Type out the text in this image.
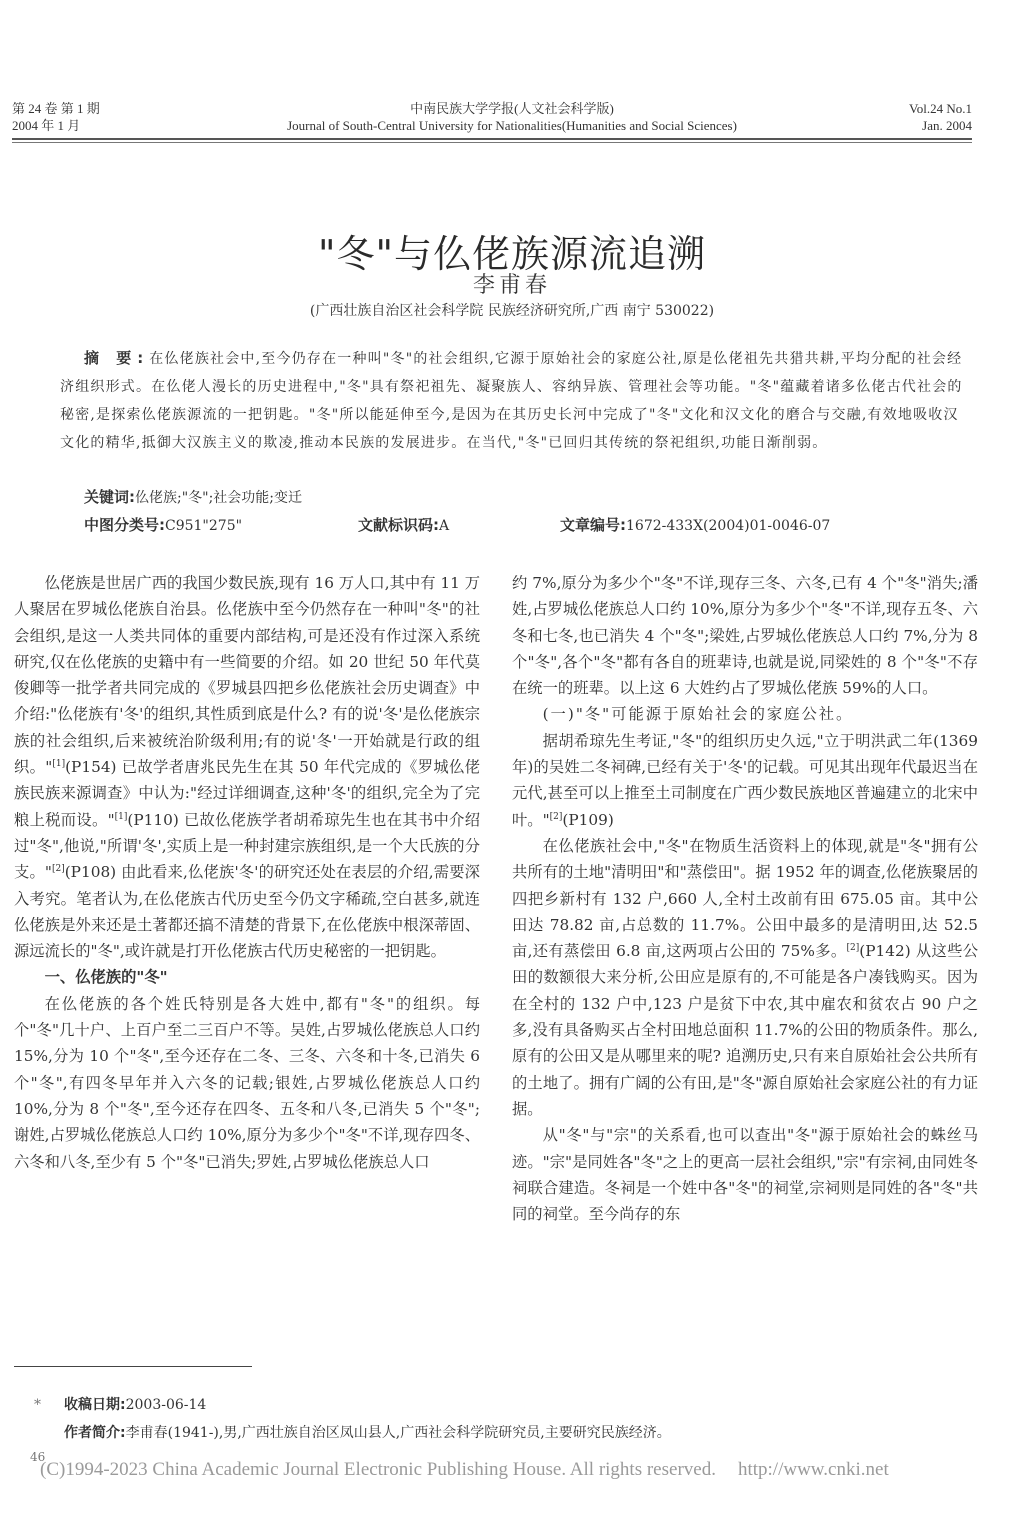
第 24 卷 第 1 期
2004 年 1 月
中南民族大学学报(人文社会科学版)
Journal of South-Central University for Nationalities(Humanities and Social Sciences)
Vol.24 No.1
Jan. 2004
"冬"与仫佬族源流追溯
李甫春
(广西壮族自治区社会科学院 民族经济研究所,广西 南宁 530022)
摘 要:在仫佬族社会中,至今仍存在一种叫"冬"的社会组织,它源于原始社会的家庭公社,原是仫佬祖先共猎共耕,平均分配的社会经济组织形式。在仫佬人漫长的历史进程中,"冬"具有祭祀祖先、凝聚族人、容纳异族、管理社会等功能。"冬"蕴藏着诸多仫佬古代社会的秘密,是探索仫佬族源流的一把钥匙。"冬"所以能延伸至今,是因为在其历史长河中完成了"冬"文化和汉文化的磨合与交融,有效地吸收汉文化的精华,抵御大汉族主义的欺凌,推动本民族的发展进步。在当代,"冬"已回归其传统的祭祀组织,功能日渐削弱。
关键词:仫佬族;"冬";社会功能;变迁
中图分类号:C951"275"	文献标识码:A	文章编号:1672-433X(2004)01-0046-07

仫佬族是世居广西的我国少数民族,现有 16 万人口,其中有 11 万人聚居在罗城仫佬族自治县。仫佬族中至今仍然存在一种叫"冬"的社会组织,是这一人类共同体的重要内部结构,可是还没有作过深入系统研究,仅在仫佬族的史籍中有一些简要的介绍。如 20 世纪 50 年代莫俊卿等一批学者共同完成的《罗城县四把乡仫佬族社会历史调查》中介绍:"仫佬族有'冬'的组织,其性质到底是什么? 有的说'冬'是仫佬族宗族的社会组织,后来被统治阶级利用;有的说'冬'一开始就是行政的组织。"[1](P154) 已故学者唐兆民先生在其 50 年代完成的《罗城仫佬族民族来源调查》中认为:"经过详细调查,这种'冬'的组织,完全为了完粮上税而设。"[1](P110) 已故仫佬族学者胡希琼先生也在其书中介绍过"冬",他说,"所谓'冬',实质上是一种封建宗族组织,是一个大氏族的分支。"[2](P108) 由此看来,仫佬族'冬'的研究还处在表层的介绍,需要深入考究。笔者认为,在仫佬族古代历史至今仍文字稀疏,空白甚多,就连仫佬族是外来还是土著都还搞不清楚的背景下,在仫佬族中根深蒂固、源远流长的"冬",或许就是打开仫佬族古代历史秘密的一把钥匙。

一、仫佬族的"冬"

在仫佬族的各个姓氏特别是各大姓中,都有"冬"的组织。每个"冬"几十户、上百户至二三百户不等。吴姓,占罗城仫佬族总人口约 15%,分为 10 个"冬",至今还存在二冬、三冬、六冬和十冬,已消失 6 个"冬",有四冬早年并入六冬的记载;银姓,占罗城仫佬族总人口约 10%,分为 8 个"冬",至今还存在四冬、五冬和八冬,已消失 5 个"冬";谢姓,占罗城仫佬族总人口约 10%,原分为多少个"冬"不详,现存四冬、六冬和八冬,至少有 5 个"冬"已消失;罗姓,占罗城仫佬族总人口

约 7%,原分为多少个"冬"不详,现存三冬、六冬,已有 4 个"冬"消失;潘姓,占罗城仫佬族总人口约 10%,原分为多少个"冬"不详,现存五冬、六冬和七冬,也已消失 4 个"冬";梁姓,占罗城仫佬族总人口约 7%,分为 8 个"冬",各个"冬"都有各自的班辈诗,也就是说,同梁姓的 8 个"冬"不存在统一的班辈。以上这 6 大姓约占了罗城仫佬族 59%的人口。

(一)"冬"可能源于原始社会的家庭公社。

据胡希琼先生考证,"冬"的组织历史久远,"立于明洪武二年(1369 年)的吴姓二冬祠碑,已经有关于'冬'的记载。可见其出现年代最迟当在元代,甚至可以上推至土司制度在广西少数民族地区普遍建立的北宋中叶。"[2](P109)

在仫佬族社会中,"冬"在物质生活资料上的体现,就是"冬"拥有公共所有的土地"清明田"和"蒸偿田"。据 1952 年的调查,仫佬族聚居的四把乡新村有 132 户,660 人,全村土改前有田 675.05 亩。其中公田达 78.82 亩,占总数的 11.7%。公田中最多的是清明田,达 52.5 亩,还有蒸偿田 6.8 亩,这两项占公田的 75%多。[2](P142) 从这些公田的数额很大来分析,公田应是原有的,不可能是各户凑钱购买。因为在全村的 132 户中,123 户是贫下中农,其中雇农和贫农占 90 户之多,没有具备购买占全村田地总面积 11.7%的公田的物质条件。那么,原有的公田又是从哪里来的呢? 追溯历史,只有来自原始社会公共所有的土地了。拥有广阔的公有田,是"冬"源自原始社会家庭公社的有力证据。

从"冬"与"宗"的关系看,也可以查出"冬"源于原始社会的蛛丝马迹。"宗"是同姓各"冬"之上的更高一层社会组织,"宗"有宗祠,由同姓冬祠联合建造。冬祠是一个姓中各"冬"的祠堂,宗祠则是同姓的各"冬"共同的祠堂。至今尚存的东

* 收稿日期:2003-06-14
作者简介:李甫春(1941-),男,广西壮族自治区凤山县人,广西社会科学院研究员,主要研究民族经济。
46
(C)1994-2023 China Academic Journal Electronic Publishing House. All rights reserved. http://www.cnki.net
